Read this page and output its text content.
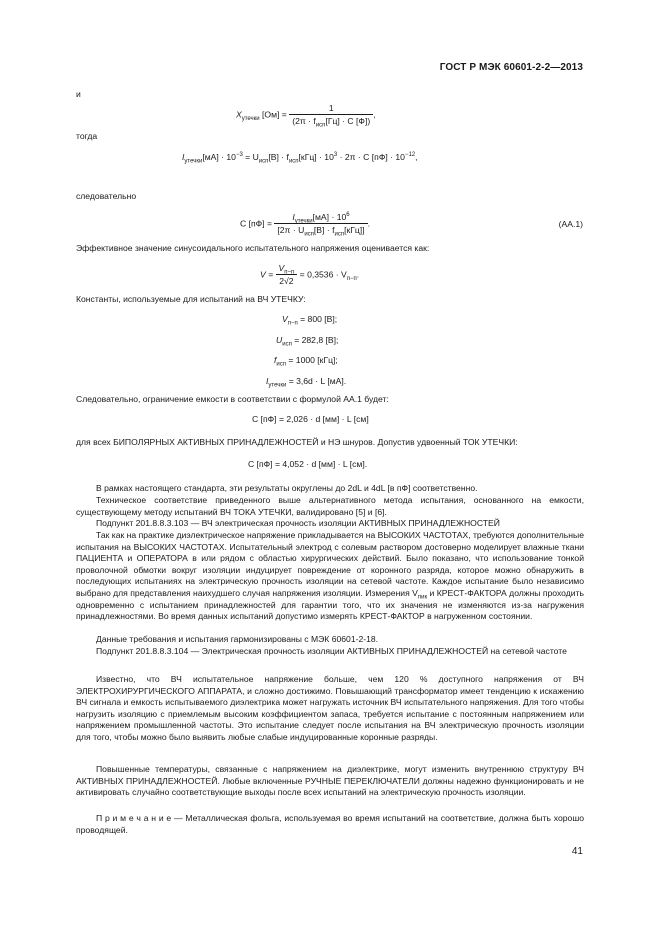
ГОСТ Р МЭК 60601-2-2—2013
и
$X_{утечки}$ $[Ом] = \frac{1}{(2\pi \cdot f_{исп}[Гц] \cdot C [Ф])}$ ,
тогда
$I_{утечки}[мА] \cdot 10^{-3} = U_{исп}[В] \cdot f_{исп}[кГц] \cdot 10^3 \cdot 2\pi \cdot C$ $[пФ] \cdot 10^{-12}$,
следовательно
C $[пФ] = \frac{I_{утечки}[мА] \cdot 10^6}{[2\pi \cdot U_{исп}[В] \cdot f_{исп}[кГц]]}$ .	(АА.1)
Эффективное значение синусоидального испытательного напряжения оценивается как:
$V = \frac{V_{п-п}}{2√2} = 0,3536 \cdot V_{п-п}$.
Константы, используемые для испытаний на ВЧ УТЕЧКУ:
$V_{п-п} = 800$ [В];
$U_{исп} = 282,8$ [В];
$f_{исп} = 1000$ [кГц];
$I_{утечки} = 3,6d \cdot L$ [мА].
Следовательно, ограничение емкости в соответствии с формулой АА.1 будет:
C [пФ] = 2,026 · d [мм] · L [см]
для всех БИПОЛЯРНЫХ АКТИВНЫХ ПРИНАДЛЕЖНОСТЕЙ и НЭ шнуров. Допустив удвоенный ТОК УТЕЧКИ:
C [пФ] = 4,052 · d [мм] · L [см].
В рамках настоящего стандарта, эти результаты округлены до 2dL и 4dL [в пФ] соответственно.
Техническое соответствие приведенного выше альтернативного метода испытания, основанного на емкости, существующему методу испытаний ВЧ ТОКА УТЕЧКИ, валидировано [5] и [6].
Подпункт 201.8.8.3.103 — ВЧ электрическая прочность изоляции АКТИВНЫХ ПРИНАДЛЕЖНОСТЕЙ
Так как на практике диэлектрическое напряжение прикладывается на ВЫСОКИХ ЧАСТОТАХ, требуются дополнительные испытания на ВЫСОКИХ ЧАСТОТАХ. Испытательный электрод с солевым раствором достоверно моделирует влажные ткани ПАЦИЕНТА и ОПЕРАТОРА в или рядом с областью хирургических действий. Было показано, что использование тонкой проволочной обмотки вокруг изоляции индуцирует повреждение от коронного разряда, которое можно обнаружить в последующих испытаниях на электрическую прочность изоляции на сетевой частоте. Каждое испытание было независимо выбрано для представления наихудшего случая напряжения изоляции. Измерения $V_{пик}$ и КРЕСТ-ФАКТОРА должны проходить одновременно с испытанием принадлежностей для гарантии того, что их значения не изменяются из-за нагружения принадлежностями. Во время данных испытаний допустимо измерять КРЕСТ-ФАКТОР в нагруженном состоянии.
Данные требования и испытания гармонизированы с МЭК 60601-2-18.
Подпункт 201.8.8.3.104 — Электрическая прочность изоляции АКТИВНЫХ ПРИНАДЛЕЖНОСТЕЙ на сетевой частоте
Известно, что ВЧ испытательное напряжение больше, чем 120 % доступного напряжения от ВЧ ЭЛЕКТРОХИРУРГИЧЕСКОГО АППАРАТА, и сложно достижимо. Повышающий трансформатор имеет тенденцию к искажению ВЧ сигнала и емкость испытываемого диэлектрика может нагружать источник ВЧ испытательного напряжения. Для того чтобы нагрузить изоляцию с приемлемым высоким коэффициентом запаса, требуется испытание с постоянным напряжением или напряжением промышленной частоты. Это испытание следует после испытания на ВЧ электрическую прочность изоляции для того, чтобы можно было выявить любые слабые индуцированные коронные разряды.
Повышенные температуры, связанные с напряжением на диэлектрике, могут изменить внутреннюю структуру ВЧ АКТИВНЫХ ПРИНАДЛЕЖНОСТЕЙ. Любые включенные РУЧНЫЕ ПЕРЕКЛЮЧАТЕЛИ должны надежно функционировать и не активировать случайно соответствующие выходы после всех испытаний на электрическую прочность изоляции.
П р и м е ч а н и е — Металлическая фольга, используемая во время испытаний на соответствие, должна быть хорошо проводящей.
41
